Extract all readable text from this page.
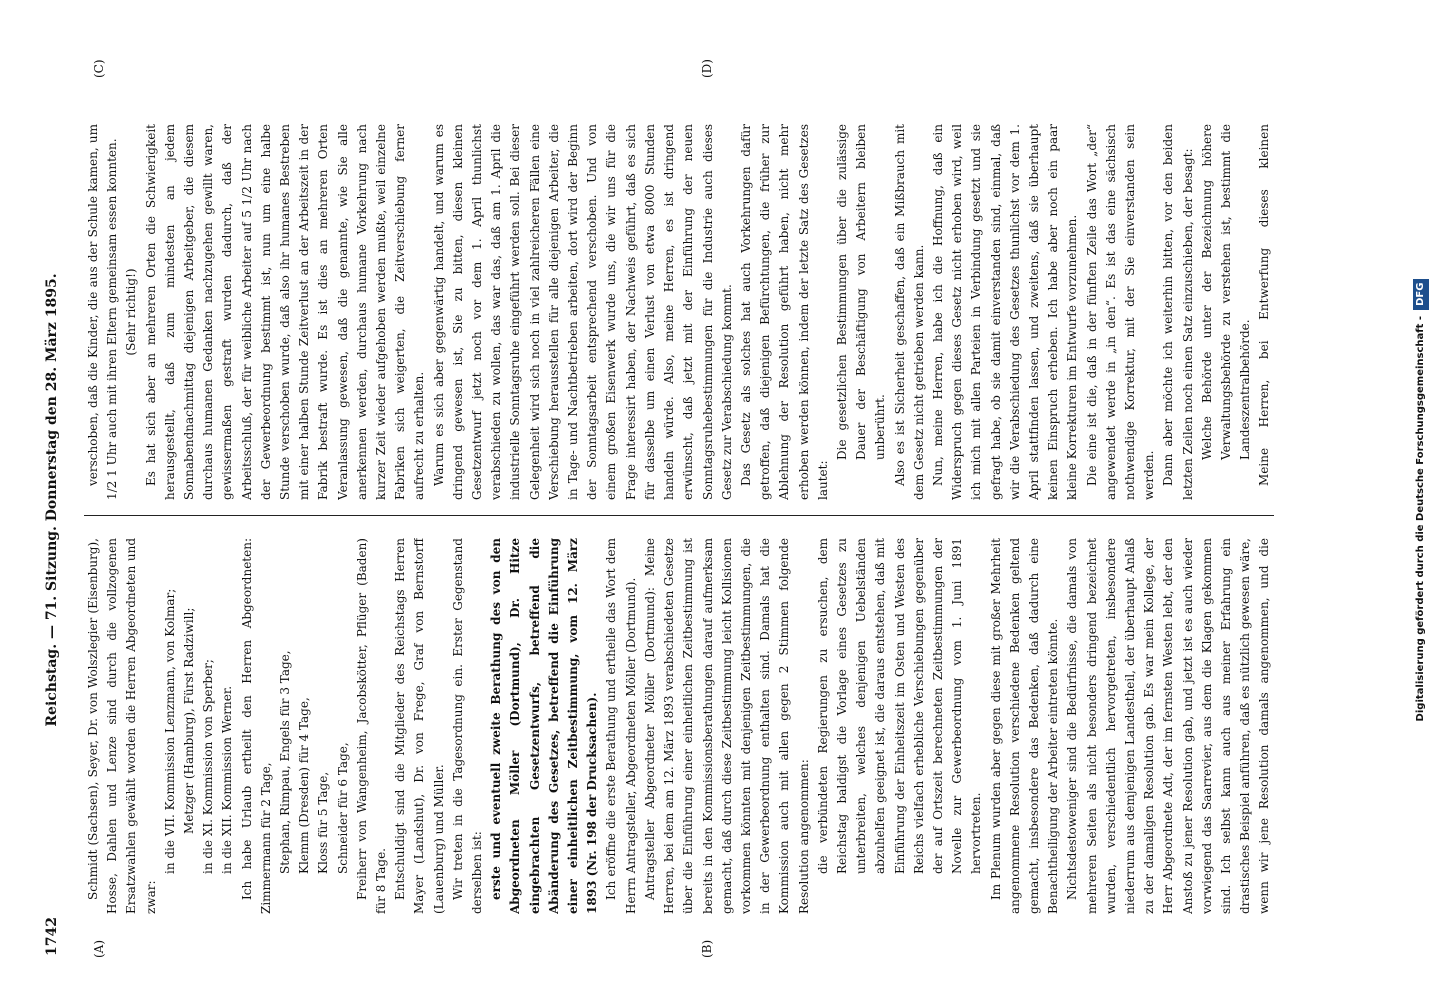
1742
Reichstag. — 71. Sitzung. Donnerstag den 28. März 1895.
(A)	(B)
(C)	(D)

Schmidt (Sachsen), Seyer, Dr. von Wolszlegier (Eisenburg), Hosse, Dahlen und Lenze sind durch die vollzogenen Ersatzwahlen gewählt worden die Herren Abgeordneten und zwar:

in die VII. Kommission Lenzmann, von Kolmar; Metzger (Hamburg), Fürst Radziwill; in die XI. Kommission von Sperber; in die XII. Kommission Werner. Ich habe Urlaub ertheilt den Herren Abgeordneten: Zimmermann für 2 Tage, Stephan, Rimpau, Engels für 3 Tage, Klemm (Dresden) für 4 Tage, Kloss für 5 Tage, Schneider für 6 Tage, Freiherr von Wangenheim, Jacobskötter, Pflüger (Baden) für 8 Tage. Entschuldigt sind die Mitglieder des Reichstags Herren Mayer (Landshut), Dr. von Frege, Graf von Bernstorff (Lauenburg) und Müller. Wir treten in die Tagesordnung ein. Erster Gegenstand derselben ist: erste und eventuell zweite Berathung des von den Abgeordneten Möller (Dortmund), Dr. Hitze eingebrachten Gesetzentwurfs, betreffend die Abänderung des Gesetzes, betreffend die Einführung einer einheitlichen Zeitbestimmung, vom 12. März 1893 (Nr. 198 der Drucksachen). Ich eröffne die erste Berathung und ertheile das Wort dem Herrn Antragsteller, Abgeordneten Möller (Dortmund). Antragsteller Abgeordneter Möller (Dortmund): Meine Herren, bei dem am 12. März 1893 verabschiedeten Gesetze über die Einführung einer einheitlichen Zeitbestimmung ist bereits in den Kommissionsberathungen darauf aufmerksam gemacht, daß durch diese Zeitbestimmung leicht Kollisionen vorkommen könnten mit denjenigen Zeitbestimmungen, die in der Gewerbeordnung enthalten sind. Damals hat die Kommission auch mit allen gegen 2 Stimmen folgende Resolution angenommen: die verbündeten Regierungen zu ersuchen, dem Reichstag baldigst die Vorlage eines Gesetzes zu unterbreiten, welches denjenigen Uebelständen abzuhelfen geeignet ist, die daraus entstehen, daß mit Einführung der Einheitszeit im Osten und Westen des Reichs vielfach erhebliche Verschiebungen gegenüber der auf Ortszeit berechneten Zeitbestimmungen der Novelle zur Gewerbeordnung vom 1. Juni 1891 hervortreten. Im Plenum wurden aber gegen diese mit großer Mehrheit angenommene Resolution verschiedene Bedenken geltend gemacht, insbesondere das Bedenken, daß dadurch eine Benachtheiligung der Arbeiter eintreten könnte. Nichtsdestoweniger sind die Bedürfnisse, die damals von mehreren Seiten als nicht besonders dringend bezeichnet wurden, verschiedentlich hervorgetreten, insbesondere niederrum aus demjenigen Landestheil, der überhaupt Anlaß zu der damaligen Resolution gab. Es war mein Kollege, der Herr Abgeordnete Adt, der im fernsten Westen lebt, der den Anstoß zu jener Resolution gab, und jetzt ist es auch wieder vorwiegend das Saarrevier, aus dem die Klagen gekommen sind. Ich selbst kann auch aus meiner Erfahrung ein drastisches Beispiel anführen, daß es nützlich gewesen wäre, wenn wir jene Resolution damals angenommen, und die

verschoben, daß die Kinder, die aus der Schule kamen, um 1/2 1 Uhr auch mit ihren Eltern gemeinsam essen konnten. (Sehr richtig!) Es hat sich aber an mehreren Orten die Schwierigkeit herausgestellt, daß zum mindesten an jedem Sonnabendnachmittag diejenigen Arbeitgeber, die diesem durchaus humanen Gedanken nachzugehen gewillt waren, gewissermaßen gestraft wurden dadurch, daß der Arbeitsschluß, der für weibliche Arbeiter auf 5 1/2 Uhr nach der Gewerbeordnung bestimmt ist, nun um eine halbe Stunde verschoben wurde, daß also ihr humanes Bestreben mit einer halben Stunde Zeitverlust an der Arbeitszeit in der Fabrik bestraft wurde. Es ist dies an mehreren Orten Veranlassung gewesen, daß die genannte, wie Sie alle anerkennen werden, durchaus humane Vorkehrung nach kurzer Zeit wieder aufgehoben werden mußte, weil einzelne Fabriken sich weigerten, die Zeitverschiebung ferner aufrecht zu erhalten. Warum es sich aber gegenwärtig handelt, und warum es dringend gewesen ist, Sie zu bitten, diesen kleinen Gesetzentwurf jetzt noch vor dem 1. April thunlichst verabschieden zu wollen, das war das, daß am 1. April die industrielle Sonntagsruhe eingeführt werden soll. Bei dieser Gelegenheit wird sich noch in viel zahlreicheren Fällen eine Verschiebung herausstellen für alle diejenigen Arbeiter, die in Tage- und Nachtbetrieben arbeiten, dort wird der Beginn der Sonntagsarbeit entsprechend verschoben. Und von einem großen Eisenwerk wurde uns, die wir uns für die Frage interessirt haben, der Nachweis geführt, daß es sich für dasselbe um einen Verlust von etwa 8000 Stunden handeln würde. Also, meine Herren, es ist dringend erwünscht, daß jetzt mit der Einführung der neuen Sonntagsruhebestimmungen für die Industrie auch dieses Gesetz zur Verabschiedung kommt. Das Gesetz als solches hat auch Vorkehrungen dafür getroffen, daß diejenigen Befürchtungen, die früher zur Ablehnung der Resolution geführt haben, nicht mehr erhoben werden können, indem der letzte Satz des Gesetzes lautet:

Die gesetzlichen Bestimmungen über die zulässige Dauer der Beschäftigung von Arbeitern bleiben unberührt. Also es ist Sicherheit geschaffen, daß ein Mißbrauch mit dem Gesetz nicht getrieben werden kann. Nun, meine Herren, habe ich die Hoffnung, daß ein Widerspruch gegen dieses Gesetz nicht erhoben wird, weil ich mich mit allen Parteien in Verbindung gesetzt und sie gefragt habe, ob sie damit einverstanden sind, einmal, daß wir die Verabschiedung des Gesetzes thunlichst vor dem 1. April stattfinden lassen, und zweitens, daß sie überhaupt keinen Einspruch erheben. Ich habe aber noch ein paar kleine Korrekturen im Entwurfe vorzunehmen. Die eine ist die, daß in der fünften Zeile das Wort „der“ angewendet werde in „in den“. Es ist das eine sächsisch nothwendige Korrektur, mit der Sie einverstanden sein werden. Dann aber möchte ich weiterhin bitten, vor den beiden letzten Zeilen noch einen Satz einzuschieben, der besagt: Welche Behörde unter der Bezeichnung höhere Verwaltungsbehörde zu verstehen ist, bestimmt die Landeszentralbehörde.

Meine Herren, bei Entwerfung dieses kleinen

Digitalisierung gefördert durch die Deutsche Forschungsgemeinschaft -DFG
